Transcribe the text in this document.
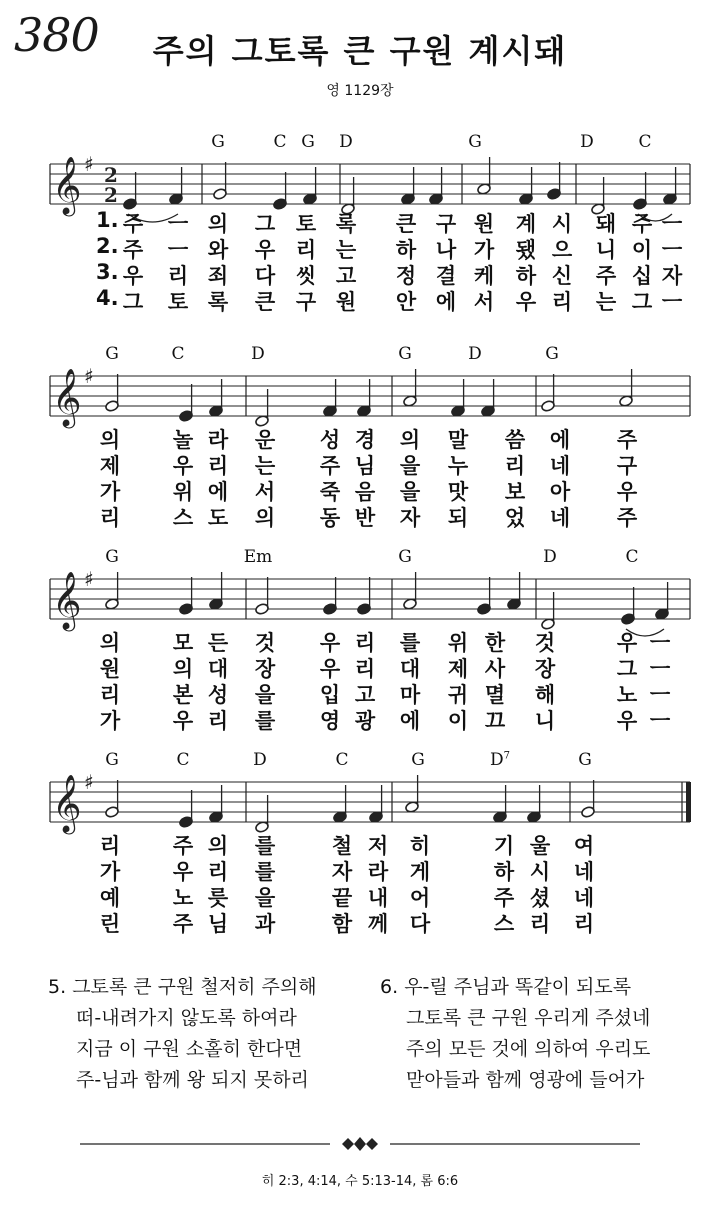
380	주의 그토록 큰 구원 계시돼
영 1129장
G	C G D	G	D	C
𝄞 ♯ 2
2
1. 주 ㅡ 의 그 토 록 큰 구 원 계 시 돼 주 ㅡ
2. 주 ㅡ 와 우 리 는 하 나 가 됐 으 니 이 ㅡ
3. 우 리 죄 다 씻 고 정 결 케 하 신 주 십 자
4. 그 토 록 큰 구 원 안 에 서 우 리 는 그 ㅡ
G	C	D	G	D	G
𝄞 ♯
의	놀 라 운 성 경 의 말 씀 에 주
제	우 리 는 주 님 을 누 리 네 구
가	위 에 서 죽 음 을 맛 보 아 우
리	스 도 의 동 반 자 되 었 네 주
G	Em	G	D	C
𝄞 ♯
의	모 든 것 우 리 를 위 한 것	우 ㅡ
원	의 대 장 우 리 대 제 사 장	그 ㅡ
리	본 성 을 입 고 마 귀 멸 해	노 ㅡ
가	우 리 를 영 광 에 이 끄 니	우 ㅡ
G	C	D	C	G	$D^7$	G
𝄞 ♯
리	주 의 를	철 저 히	기 울 여
가	우 리 를	자 라 게	하 시 네
예	노 릇 을	끝 내 어	주 셨 네
린	주 님 과	함 께 다	스 리 리
5. 그토록 큰 구원 철저히 주의해
떠-내려가지 않도록 하여라
지금 이 구원 소홀히 한다면
주-님과 함께 왕 되지 못하리
6. 우-릴 주님과 똑같이 되도록
그토록 큰 구원 우리게 주셨네
주의 모든 것에 의하여 우리도
맏아들과 함께 영광에 들어가
히 2:3, 4:14, 수 5:13-14, 롬 6:6
